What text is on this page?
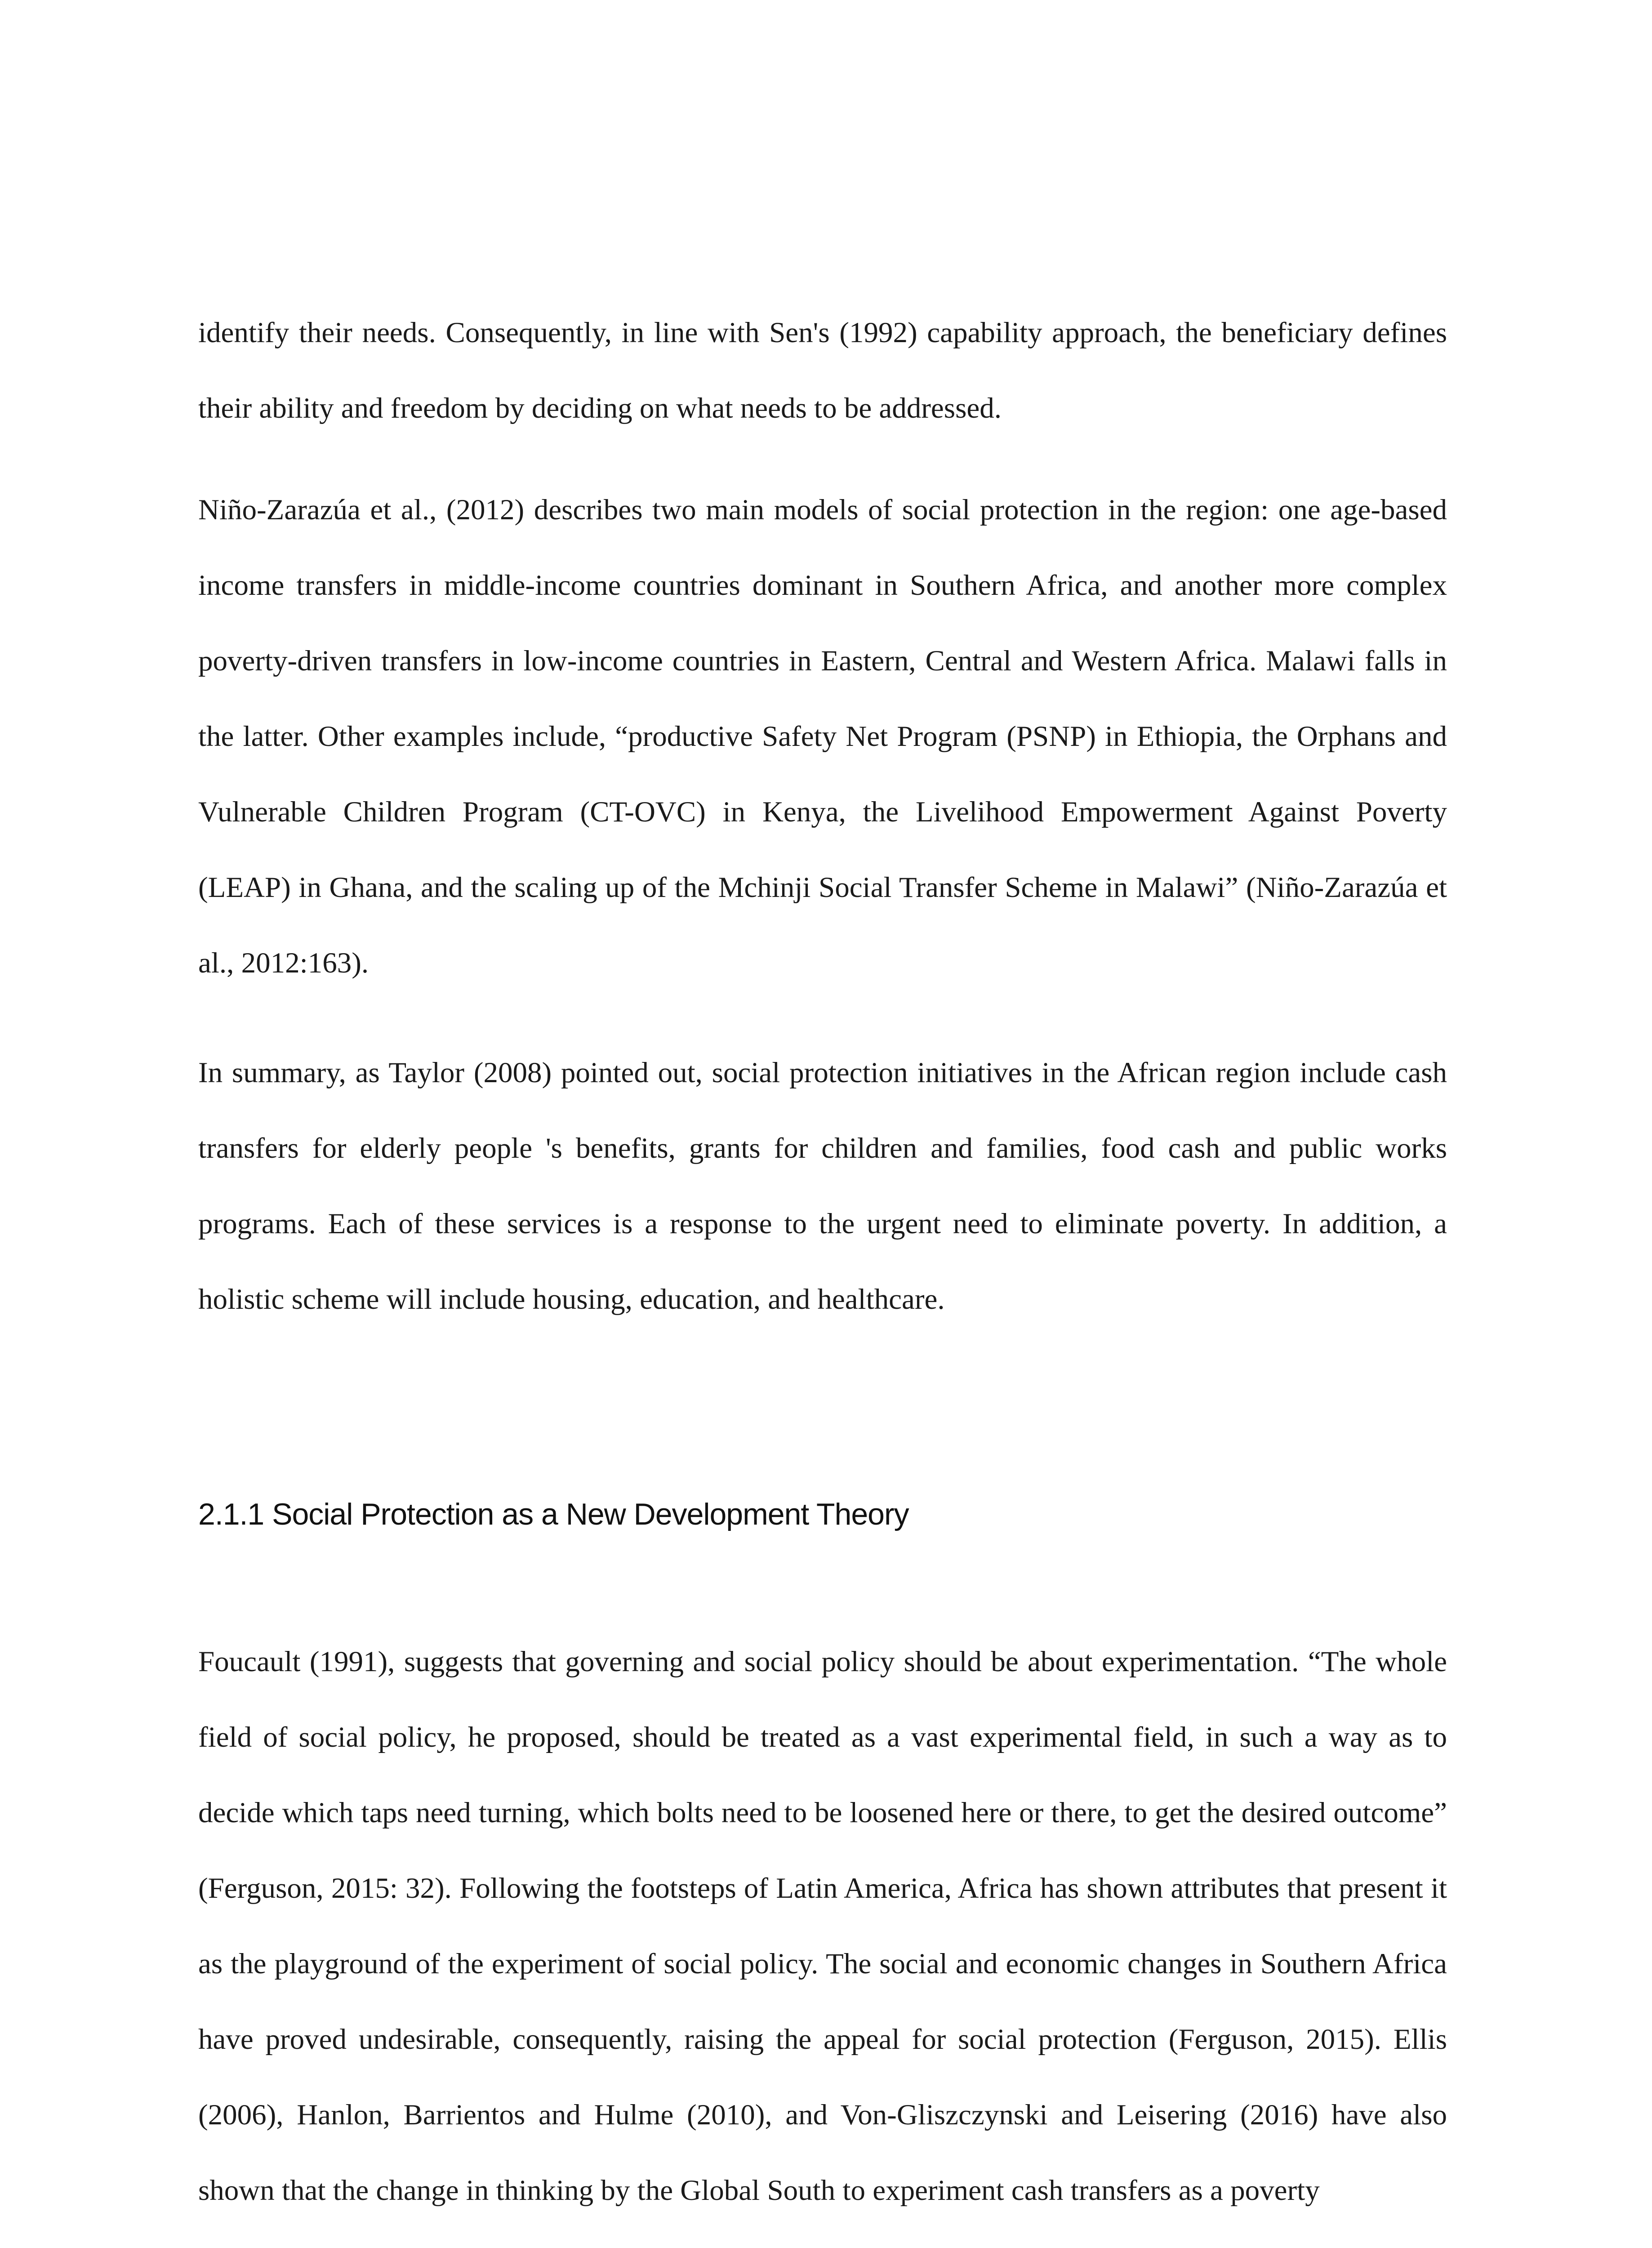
identify their needs. Consequently, in line with Sen's (1992) capability approach, the beneficiary defines their ability and freedom by deciding on what needs to be addressed.

Niño-Zarazúa et al., (2012) describes two main models of social protection in the region: one age-based income transfers in middle-income countries dominant in Southern Africa, and another more complex poverty-driven transfers in low-income countries in Eastern, Central and Western Africa. Malawi falls in the latter. Other examples include, “productive Safety Net Program (PSNP) in Ethiopia, the Orphans and Vulnerable Children Program (CT-OVC) in Kenya, the Livelihood Empowerment Against Poverty (LEAP) in Ghana, and the scaling up of the Mchinji Social Transfer Scheme in Malawi” (Niño-Zarazúa et al., 2012:163).

In summary, as Taylor (2008) pointed out, social protection initiatives in the African region include cash transfers for elderly people 's benefits, grants for children and families, food cash and public works programs. Each of these services is a response to the urgent need to eliminate poverty. In addition, a holistic scheme will include housing, education, and healthcare.

2.1.1 Social Protection as a New Development Theory

Foucault (1991), suggests that governing and social policy should be about experimentation. “The whole field of social policy, he proposed, should be treated as a vast experimental field, in such a way as to decide which taps need turning, which bolts need to be loosened here or there, to get the desired outcome” (Ferguson, 2015: 32). Following the footsteps of Latin America, Africa has shown attributes that present it as the playground of the experiment of social policy. The social and economic changes in Southern Africa have proved undesirable, consequently, raising the appeal for social protection (Ferguson, 2015). Ellis (2006), Hanlon, Barrientos and Hulme (2010), and Von-Gliszczynski and Leisering (2016) have also shown that the change in thinking by the Global South to experiment cash transfers as a poverty
